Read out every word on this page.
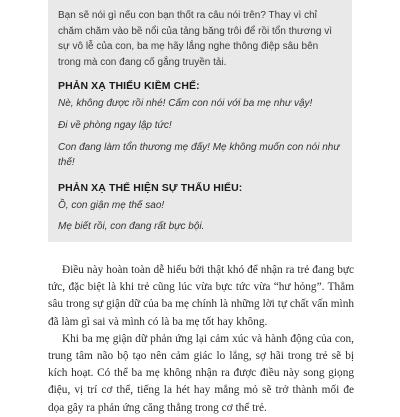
Bạn sẽ nói gì nếu con bạn thốt ra câu nói trên? Thay vì chỉ chăm chăm vào bề nổi của tảng băng trôi để rồi tổn thương vì sự vô lễ của con, ba mẹ hãy lắng nghe thông điệp sâu bên trong mà con đang cố gắng truyền tải.

PHẢN XẠ THIẾU KIỀM CHẾ:

Nè, không được rồi nhé! Cấm con nói với ba mẹ như vậy!

Đi về phòng ngay lập tức!

Con đang làm tổn thương mẹ đấy! Mẹ không muốn con nói như thế!

PHẢN XẠ THỂ HIỆN SỰ THẤU HIỂU:

Ồ, con giận mẹ thế sao!

Mẹ biết rồi, con đang rất bực bội.

Điều này hoàn toàn dễ hiểu bởi thật khó để nhận ra trẻ đang bực tức, đặc biệt là khi trẻ cũng lúc vừa bực tức vừa “hư hỏng”. Thẳm sâu trong sự giận dữ của ba mẹ chính là những lời tự chất vấn mình đã làm gì sai và mình có là ba mẹ tốt hay không.

Khi ba mẹ giận dữ phản ứng lại cảm xúc và hành động của con, trung tâm não bộ tạo nên cảm giác lo lắng, sợ hãi trong trẻ sẽ bị kích hoạt. Có thể ba mẹ không nhận ra được điều này song giọng điệu, vị trí cơ thể, tiếng la hét hay mắng mỏ sẽ trở thành mối đe dọa gây ra phản ứng căng thẳng trong cơ thể trẻ.
